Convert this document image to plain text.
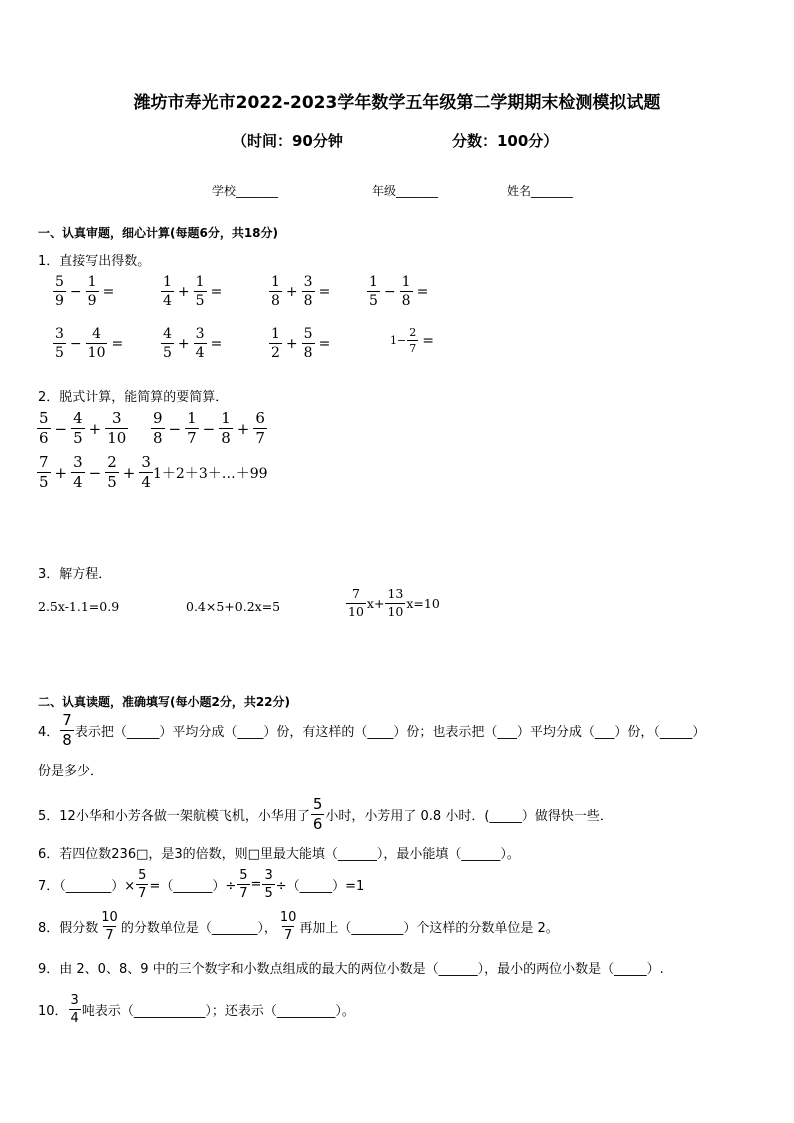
潍坊市寿光市2022-2023学年数学五年级第二学期期末检测模拟试题
（时间：90分钟	分数：100分）
学校_______	年级_______	姓名_______
一、认真审题，细心计算(每题6分，共18分)
1．直接写出得数。
$\frac{5}{9} - \frac{1}{9}$ =	$\frac{1}{4} + \frac{1}{5}$ =	$\frac{1}{8} + \frac{3}{8}$ =	$\frac{1}{5} - \frac{1}{8}$ =
$\frac{3}{5} - \frac{4}{10}$ =	$\frac{4}{5} + \frac{3}{4}$ =	$\frac{1}{2} + \frac{5}{8}$ =	$1- \frac{2}{7}$ =
2．脱式计算，能简算的要简算．
$\frac{5}{6} - \frac{4}{5} + \frac{3}{10} \frac{9}{8} - \frac{1}{7} - \frac{1}{8} + \frac{6}{7}$
$\frac{7}{5} + \frac{3}{4} - \frac{2}{5} + \frac{3}{4}$ 1＋2＋3＋…＋99
3．解方程．
2.5x-1.1=0.9	0.4×5+0.2x=5	$\frac{7}{10} x+ \frac{13}{10} x=10$
二、认真读题，准确填写(每小题2分，共22分)
4． $\frac{7}{8}$ 表示把（_____）平均分成（____）份，有这样的（____）份；也表示把（___）平均分成（___）份，（_____）
份是多少．
5．12小华和小芳各做一架航模飞机，小华用了 $\frac{5}{6}$ 小时，小芳用了 0.8 小时．(_____）做得快一些．
6．若四位数236□，是3的倍数，则□里最大能填（______），最小能填（______）。
7．（_______）× $\frac{5}{7}$ =（______）÷ $\frac{5}{7} = \frac{3}{5}$ ÷（_____）=1
8．假分数 $\frac{10}{7}$ 的分数单位是（_______）， $\frac{10}{7}$ 再加上（________）个这样的分数单位是 2。
9．由 2、0、8、9 中的三个数字和小数点组成的最大的两位小数是（______），最小的两位小数是（_____）.
10． $\frac{3}{4}$ 吨表示（___________）；还表示（_________）。
